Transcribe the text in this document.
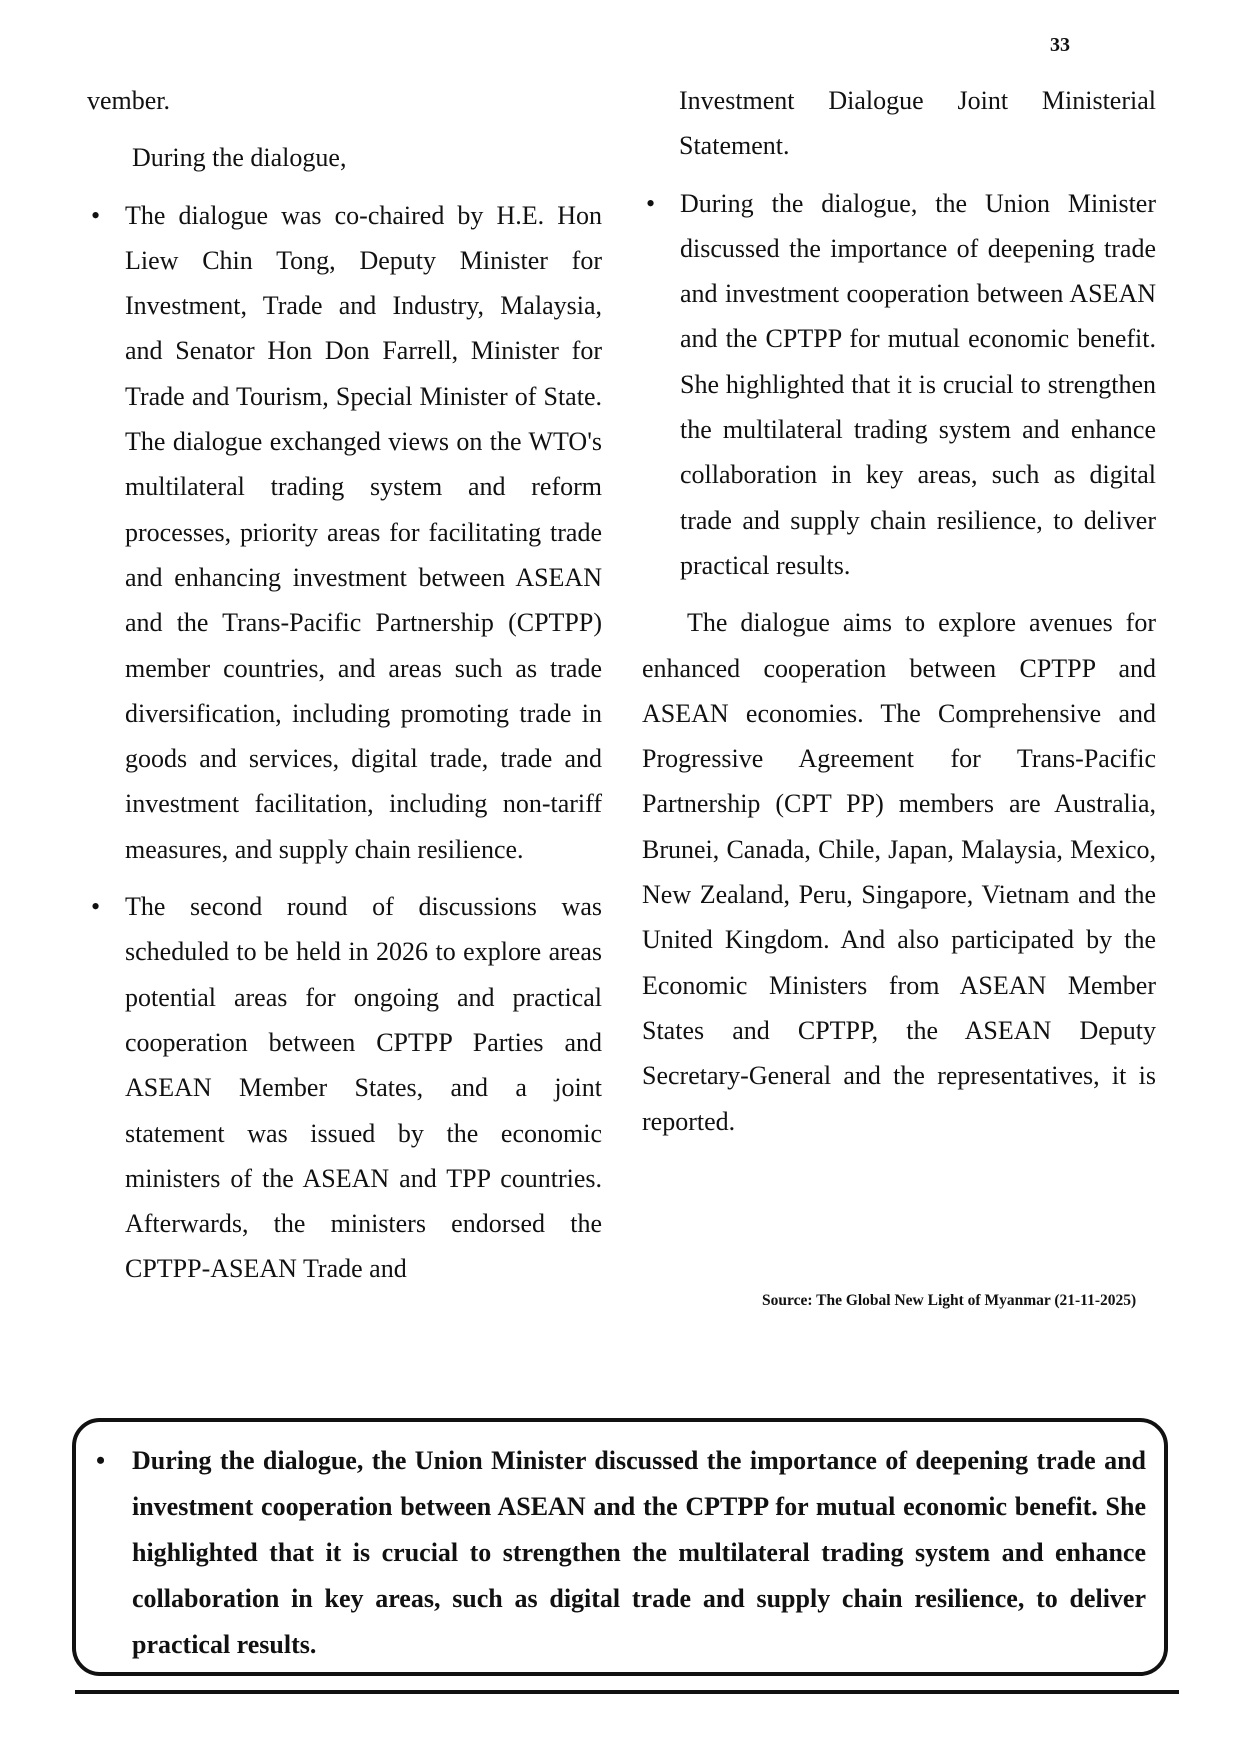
33

vember.

During the dialogue,

• The dialogue was co-chaired by H.E. Hon Liew Chin Tong, Deputy Minister for Investment, Trade and Industry, Malaysia, and Senator Hon Don Farrell, Minister for Trade and Tourism, Special Minister of State. The dialogue exchanged views on the WTO's multilateral trading system and reform processes, priority areas for facilitating trade and enhancing investment between ASEAN and the Trans-Pacific Partnership (CPTPP) member countries, and areas such as trade diversification, including promoting trade in goods and services, digital trade, trade and investment facilitation, including non-tariff measures, and supply chain resilience.
• The second round of discussions was scheduled to be held in 2026 to explore areas potential areas for ongoing and practical cooperation between CPTPP Parties and ASEAN Member States, and a joint statement was issued by the economic ministers of the ASEAN and TPP countries. Afterwards, the ministers endorsed the CPTPP-ASEAN Trade and

Investment Dialogue Joint Ministerial Statement.

• During the dialogue, the Union Minister discussed the importance of deepening trade and investment cooperation between ASEAN and the CPTPP for mutual economic benefit. She highlighted that it is crucial to strengthen the multilateral trading system and enhance collaboration in key areas, such as digital trade and supply chain resilience, to deliver practical results.

The dialogue aims to explore avenues for enhanced cooperation between CPTPP and ASEAN economies. The Comprehensive and Progressive Agreement for Trans-Pacific Partnership (CPT PP) members are Australia, Brunei, Canada, Chile, Japan, Malaysia, Mexico, New Zealand, Peru, Singapore, Vietnam and the United Kingdom. And also participated by the Economic Ministers from ASEAN Member States and CPTPP, the ASEAN Deputy Secretary-General and the representatives, it is reported.

Source: The Global New Light of Myanmar (21-11-2025)
•	During the dialogue, the Union Minister discussed the importance of deepening trade and investment cooperation between ASEAN and the CPTPP for mutual economic benefit. She highlighted that it is crucial to strengthen the multilateral trading system and enhance collaboration in key areas, such as digital trade and supply chain resilience, to deliver practical results.
